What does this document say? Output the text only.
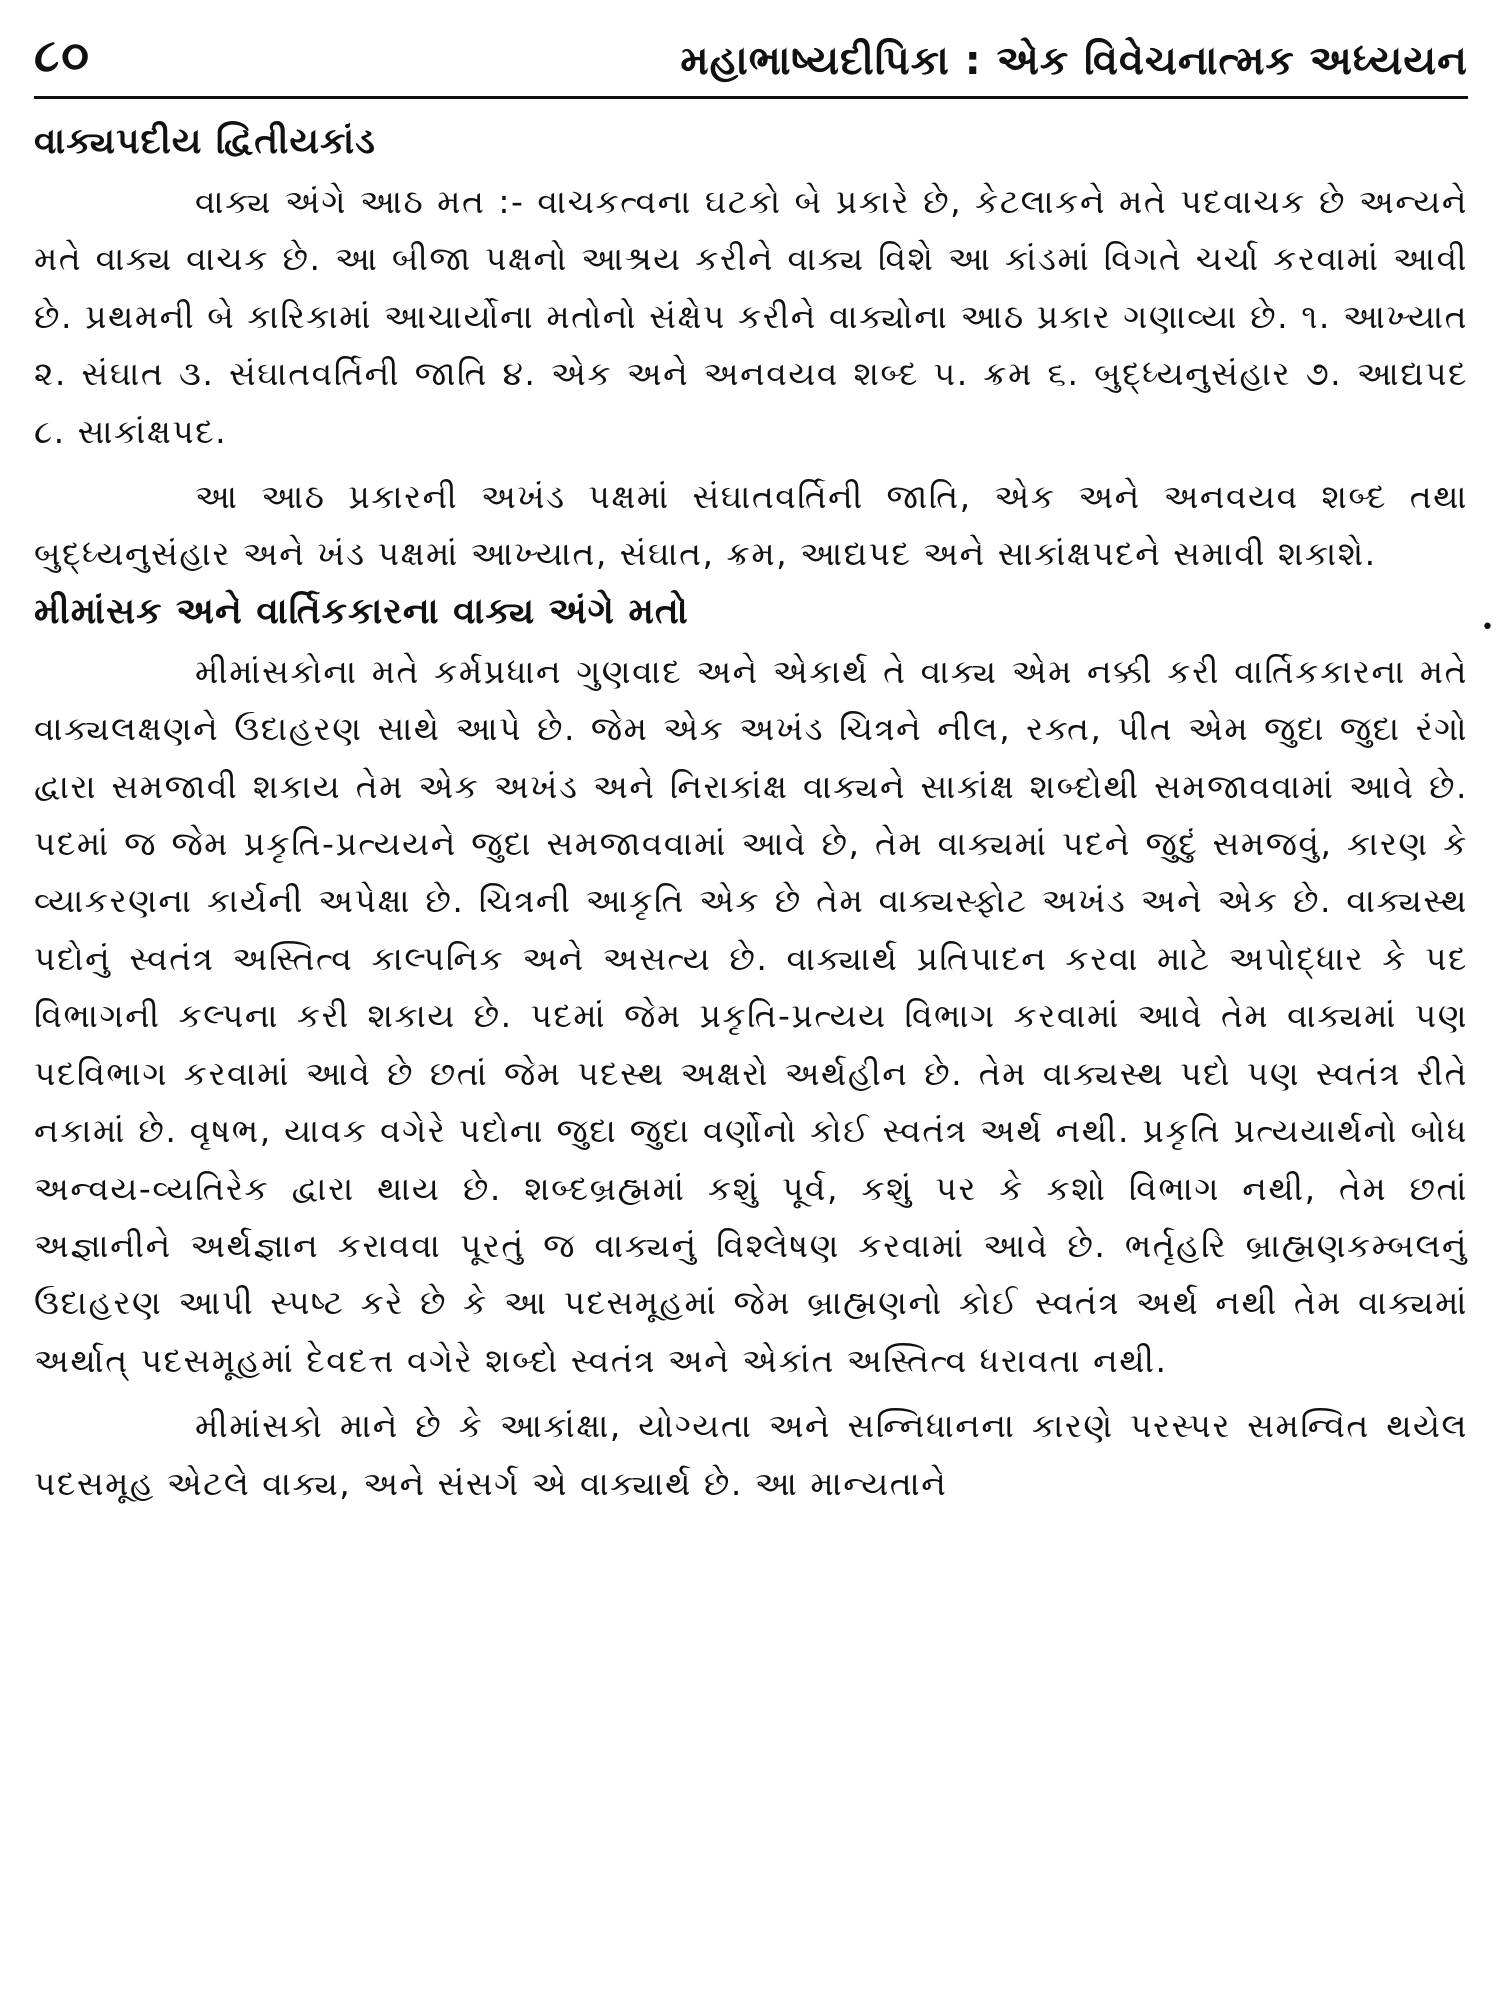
૮૦	મહાભાષ્યદીપિકા : એક વિવેચનાત્મક અધ્યયન
વાક્યપદીય દ્વિતીયકાંડ

વાક્ય અંગે આઠ મત :- વાચકત્વના ઘટકો બે પ્રકારે છે, કેટલાકને મતે પદવાચક છે અન્યને મતે વાક્ય વાચક છે. આ બીજા પક્ષનો આશ્રય કરીને વાક્ય વિશે આ કાંડમાં વિગતે ચર્ચા કરવામાં આવી છે. પ્રથમની બે કારિકામાં આચાર્યોના મતોનો સંક્ષેપ કરીને વાક્યોના આઠ પ્રકાર ગણાવ્યા છે. ૧. આખ્યાત ૨. સંઘાત ૩. સંઘાતવર્તિની જાતિ ૪. એક અને અનવયવ શબ્દ ૫. ક્રમ ૬. બુદ્ધ્યનુસંહાર ૭. આદ્યપદ ૮. સાકાંક્ષપદ.

આ આઠ પ્રકારની અખંડ પક્ષમાં સંઘાતવર્તિની જાતિ, એક અને અનવયવ શબ્દ તથા બુદ્ધ્યનુસંહાર અને ખંડ પક્ષમાં આખ્યાત, સંઘાત, ક્રમ, આદ્યપદ અને સાકાંક્ષપદને સમાવી શકાશે.

મીમાંસક અને વાર્તિકકારના વાક્ય અંગે મતો

મીમાંસકોના મતે કર્મપ્રધાન ગુણવાદ અને એકાર્થ તે વાક્ય એમ નક્કી કરી વાર્તિકકારના મતે વાક્યલક્ષણને ઉદાહરણ સાથે આપે છે. જેમ એક અખંડ ચિત્રને નીલ, રક્ત, પીત એમ જુદા જુદા રંગો દ્વારા સમજાવી શકાય તેમ એક અખંડ અને નિરાકાંક્ષ વાક્યને સાકાંક્ષ શબ્દોથી સમજાવવામાં આવે છે. પદમાં જ જેમ પ્રકૃતિ-પ્રત્યયને જુદા સમજાવવામાં આવે છે, તેમ વાક્યમાં પદને જુદું સમજવું, કારણ કે વ્યાકરણના કાર્યની અપેક્ષા છે. ચિત્રની આકૃતિ એક છે તેમ વાક્યસ્ફોટ અખંડ અને એક છે. વાક્યસ્થ પદોનું સ્વતંત્ર અસ્તિત્વ કાલ્પનિક અને અસત્ય છે. વાક્યાર્થ પ્રતિપાદન કરવા માટે અપોદ્ધાર કે પદ વિભાગની કલ્પના કરી શકાય છે. પદમાં જેમ પ્રકૃતિ-પ્રત્યય વિભાગ કરવામાં આવે તેમ વાક્યમાં પણ પદવિભાગ કરવામાં આવે છે છતાં જેમ પદસ્થ અક્ષરો અર્થહીન છે. તેમ વાક્યસ્થ પદો પણ સ્વતંત્ર રીતે નકામાં છે. વૃષભ, યાવક વગેરે પદોના જુદા જુદા વર્ણોનો કોઈ સ્વતંત્ર અર્થ નથી. પ્રકૃતિ પ્રત્યયાર્થનો બોધ અન્વય-વ્યતિરેક દ્વારા થાય છે. શબ્દબ્રહ્મમાં કશું પૂર્વ, કશું પર કે કશો વિભાગ નથી, તેમ છતાં અજ્ઞાનીને અર્થજ્ઞાન કરાવવા પૂરતું જ વાક્યનું વિશ્લેષણ કરવામાં આવે છે. ભર્તૃહરિ બ્રાહ્મણકમ્બલનું ઉદાહરણ આપી સ્પષ્ટ કરે છે કે આ પદસમૂહમાં જેમ બ્રાહ્મણનો કોઈ સ્વતંત્ર અર્થ નથી તેમ વાક્યમાં અર્થાત્ પદસમૂહમાં દેવદત્ત વગેરે શબ્દો સ્વતંત્ર અને એકાંત અસ્તિત્વ ધરાવતા નથી.

મીમાંસકો માને છે કે આકાંક્ષા, યોગ્યતા અને સન્નિધાનના કારણે પરસ્પર સમન્વિત થયેલ પદસમૂહ એટલે વાક્ય, અને સંસર્ગ એ વાક્યાર્થ છે. આ માન્યતાને

•
